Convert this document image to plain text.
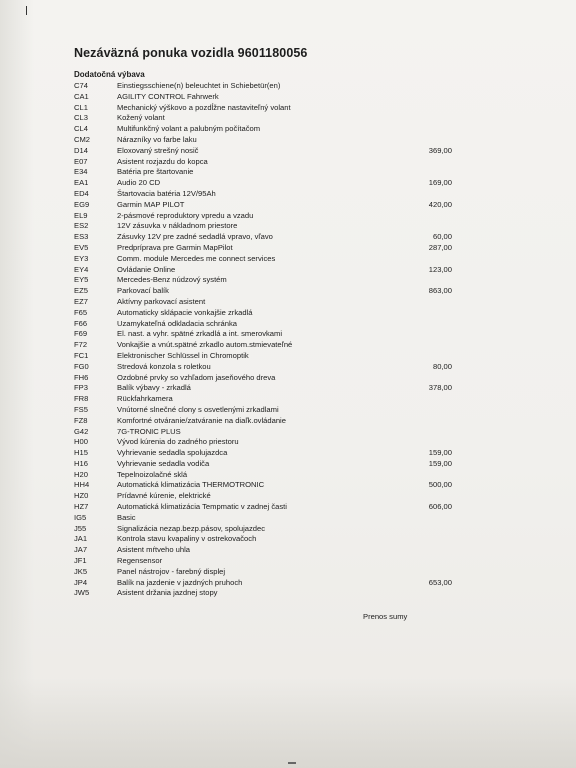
Nezáväzná ponuka vozidla 9601180056
Dodatočná výbava
C74	Einstiegsschiene(n) beleuchtet in Schiebetür(en)
CA1	AGILITY CONTROL Fahrwerk
CL1	Mechanický výškovo a pozdĺžne nastaviteľný volant
CL3	Kožený volant
CL4	Multifunkčný volant a palubným počítačom
CM2	Nárazníky vo farbe laku
D14	Eloxovaný strešný nosič	369,00
E07	Asistent rozjazdu do kopca
E34	Batéria pre štartovanie
EA1	Audio 20 CD	169,00
ED4	Štartovacia batéria 12V/95Ah
EG9	Garmin MAP PILOT	420,00
EL9	2-pásmové reproduktory vpredu a vzadu
ES2	12V zásuvka v nákladnom priestore
ES3	Zásuvky 12V pre zadné sedadlá vpravo, vľavo	60,00
EV5	Predpríprava pre Garmin MapPilot	287,00
EY3	Comm. module Mercedes me connect services
EY4	Ovládanie Online	123,00
EY5	Mercedes-Benz núdzový systém
EZ5	Parkovací balík	863,00
EZ7	Aktívny parkovací asistent
F65	Automaticky sklápacie vonkajšie zrkadlá
F66	Uzamykateľná odkladacia schránka
F69	El. nast. a vyhr. spätné zrkadlá a int. smerovkami
F72	Vonkajšie a vnút.spätné zrkadlo autom.stmievateľné
FC1	Elektronischer Schlüssel in Chromoptik
FG0	Stredová konzola s roletkou	80,00
FH6	Ozdobné prvky so vzhľadom jaseňového dreva
FP3	Balík výbavy - zrkadlá	378,00
FR8	Rückfahrkamera
FS5	Vnútorné slnečné clony s osvetlenými zrkadlami
FZ8	Komfortné otváranie/zatváranie na diaľk.ovládanie
G42	7G-TRONIC PLUS
H00	Vývod kúrenia do zadného priestoru
H15	Vyhrievanie sedadla spolujazdca	159,00
H16	Vyhrievanie sedadla vodiča	159,00
H20	Tepelnoizolačné sklá
HH4	Automatická klimatizácia THERMOTRONIC	500,00
HZ0	Prídavné kúrenie, elektrické
HZ7	Automatická klimatizácia Tempmatic v zadnej časti	606,00
IG5	Basic
J55	Signalizácia nezap.bezp.pásov, spolujazdec
JA1	Kontrola stavu kvapaliny v ostrekovačoch
JA7	Asistent mŕtveho uhla
JF1	Regensensor
JK5	Panel nástrojov - farebný displej
JP4	Balík na jazdenie v jazdných pruhoch	653,00
JW5	Asistent držania jazdnej stopy
Prenos sumy
